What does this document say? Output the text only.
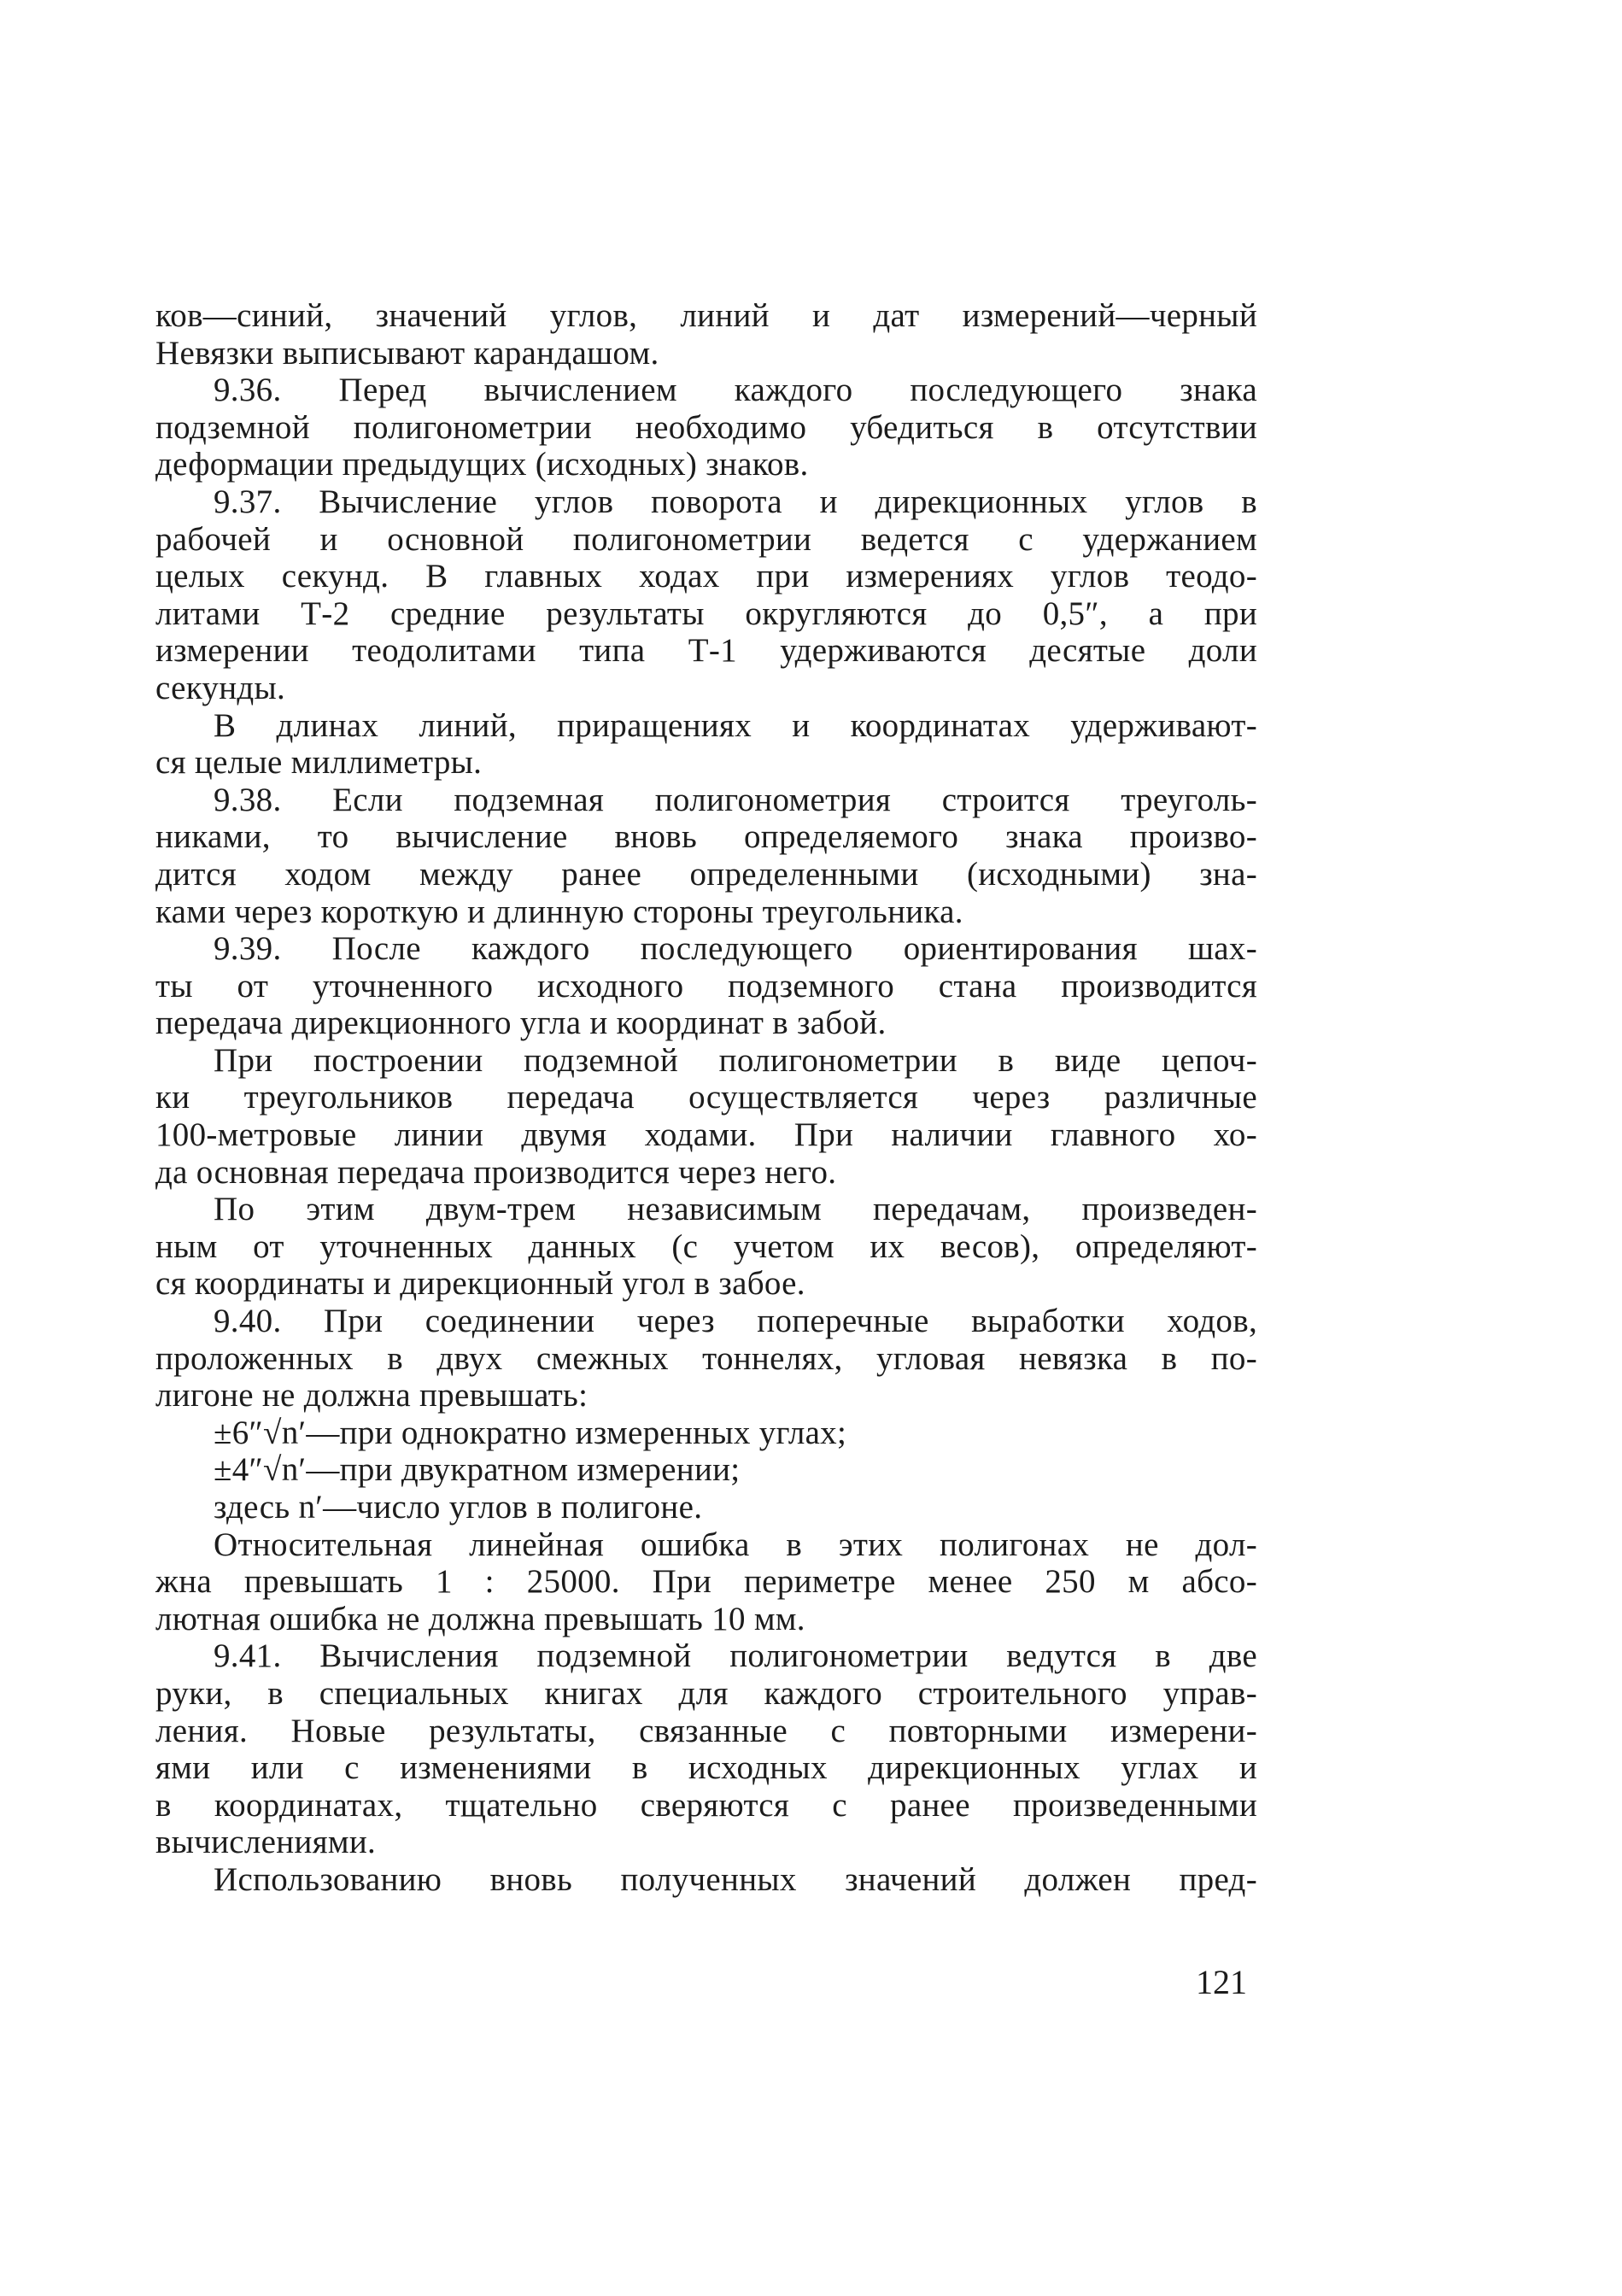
ков—синий, значений углов, линий и дат измерений—черный
Невязки выписывают карандашом.
9.36. Перед вычислением каждого последующего знака
подземной полигонометрии необходимо убедиться в отсутствии
деформации предыдущих (исходных) знаков.
9.37. Вычисление углов поворота и дирекционных углов в
рабочей и основной полигонометрии ведется с удержанием
целых секунд. В главных ходах при измерениях углов теодо-
литами Т-2 средние результаты округляются до 0,5″, а при
измерении теодолитами типа Т-1 удерживаются десятые доли
секунды.
В длинах линий, приращениях и координатах удерживают-
ся целые миллиметры.
9.38. Если подземная полигонометрия строится треуголь-
никами, то вычисление вновь определяемого знака произво-
дится ходом между ранее определенными (исходными) зна-
ками через короткую и длинную стороны треугольника.
9.39. После каждого последующего ориентирования шах-
ты от уточненного исходного подземного стана производится
передача дирекционного угла и координат в забой.
При построении подземной полигонометрии в виде цепоч-
ки треугольников передача осуществляется через различные
100-метровые линии двумя ходами. При наличии главного хо-
да основная передача производится через него.
По этим двум-трем независимым передачам, произведен-
ным от уточненных данных (с учетом их весов), определяют-
ся координаты и дирекционный угол в забое.
9.40. При соединении через поперечные выработки ходов,
проложенных в двух смежных тоннелях, угловая невязка в по-
лигоне не должна превышать:
±6″√n′—при однократно измеренных углах;
±4″√n′—при двукратном измерении;
здесь n′—число углов в полигоне.
Относительная линейная ошибка в этих полигонах не дол-
жна превышать 1 : 25000. При периметре менее 250 м абсо-
лютная ошибка не должна превышать 10 мм.
9.41. Вычисления подземной полигонометрии ведутся в две
руки, в специальных книгах для каждого строительного управ-
ления. Новые результаты, связанные с повторными измерени-
ями или с изменениями в исходных дирекционных углах и
в координатах, тщательно сверяются с ранее произведенными
вычислениями.
Использованию вновь полученных значений должен пред-
121
